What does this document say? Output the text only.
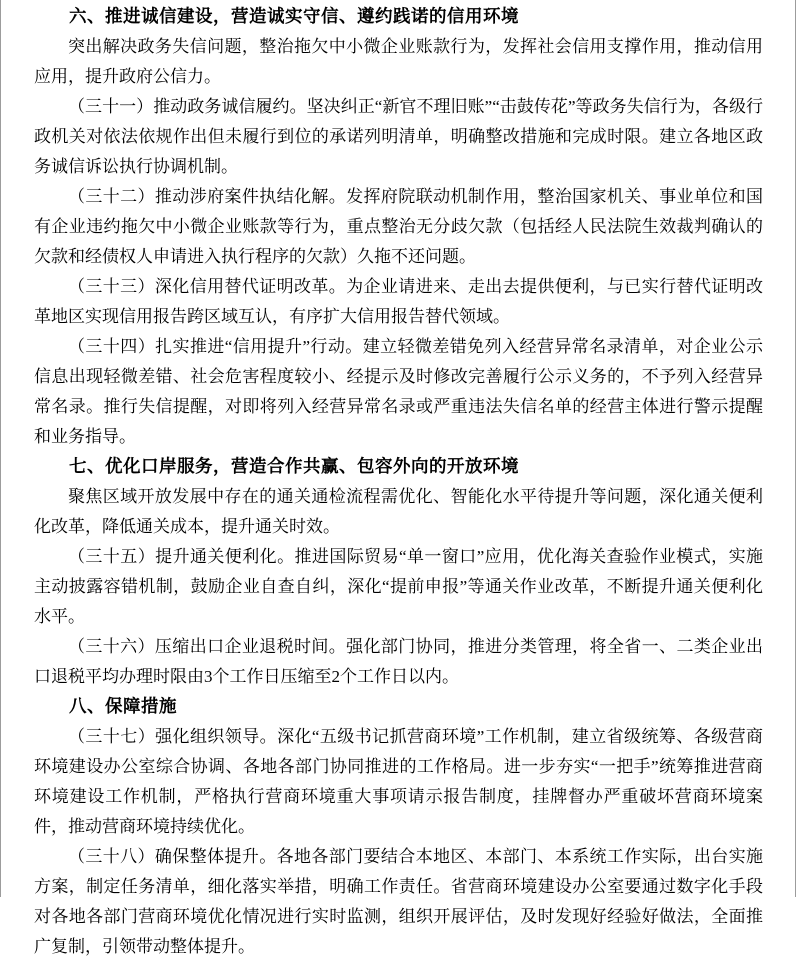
六、推进诚信建设，营造诚实守信、遵约践诺的信用环境

突出解决政务失信问题，整治拖欠中小微企业账款行为，发挥社会信用支撑作用，推动信用应用，提升政府公信力。

（三十一）推动政务诚信履约。坚决纠正“新官不理旧账”“击鼓传花”等政务失信行为，各级行政机关对依法依规作出但未履行到位的承诺列明清单，明确整改措施和完成时限。建立各地区政务诚信诉讼执行协调机制。

（三十二）推动涉府案件执结化解。发挥府院联动机制作用，整治国家机关、事业单位和国有企业违约拖欠中小微企业账款等行为，重点整治无分歧欠款（包括经人民法院生效裁判确认的欠款和经债权人申请进入执行程序的欠款）久拖不还问题。

（三十三）深化信用替代证明改革。为企业请进来、走出去提供便利，与已实行替代证明改革地区实现信用报告跨区域互认，有序扩大信用报告替代领域。

（三十四）扎实推进“信用提升”行动。建立轻微差错免列入经营异常名录清单，对企业公示信息出现轻微差错、社会危害程度较小、经提示及时修改完善履行公示义务的，不予列入经营异常名录。推行失信提醒，对即将列入经营异常名录或严重违法失信名单的经营主体进行警示提醒和业务指导。

七、优化口岸服务，营造合作共赢、包容外向的开放环境

聚焦区域开放发展中存在的通关通检流程需优化、智能化水平待提升等问题，深化通关便利化改革，降低通关成本，提升通关时效。

（三十五）提升通关便利化。推进国际贸易“单一窗口”应用，优化海关查验作业模式，实施主动披露容错机制，鼓励企业自查自纠，深化“提前申报”等通关作业改革，不断提升通关便利化水平。

（三十六）压缩出口企业退税时间。强化部门协同，推进分类管理，将全省一、二类企业出口退税平均办理时限由3个工作日压缩至2个工作日以内。

八、保障措施

（三十七）强化组织领导。深化“五级书记抓营商环境”工作机制，建立省级统筹、各级营商环境建设办公室综合协调、各地各部门协同推进的工作格局。进一步夯实“一把手”统筹推进营商环境建设工作机制，严格执行营商环境重大事项请示报告制度，挂牌督办严重破坏营商环境案件，推动营商环境持续优化。

（三十八）确保整体提升。各地各部门要结合本地区、本部门、本系统工作实际，出台实施方案，制定任务清单，细化落实举措，明确工作责任。省营商环境建设办公室要通过数字化手段对各地各部门营商环境优化情况进行实时监测，组织开展评估，及时发现好经验好做法，全面推广复制，引领带动整体提升。
